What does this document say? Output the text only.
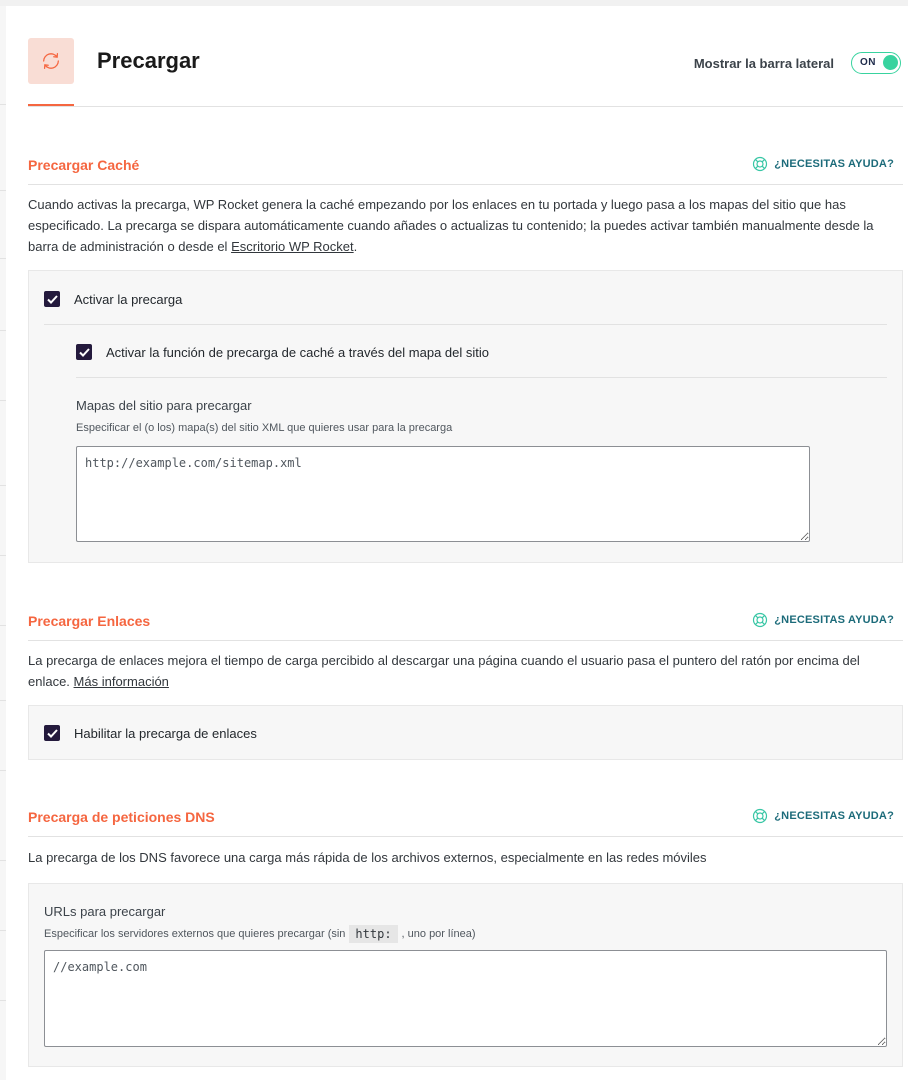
Precargar	Mostrar la barra lateral	ON
Precargar Caché	¿NECESITAS AYUDA?
Cuando activas la precarga, WP Rocket genera la caché empezando por los enlaces en tu portada y luego pasa a los mapas del sitio que has especificado. La precarga se dispara automáticamente cuando añades o actualizas tu contenido; la puedes activar también manualmente desde la barra de administración o desde el Escritorio WP Rocket.
Activar la precarga
Activar la función de precarga de caché a través del mapa del sitio
Mapas del sitio para precargar
Especificar el (o los) mapa(s) del sitio XML que quieres usar para la precarga
http://example.com/sitemap.xml
Precargar Enlaces	¿NECESITAS AYUDA?
La precarga de enlaces mejora el tiempo de carga percibido al descargar una página cuando el usuario pasa el puntero del ratón por encima del enlace. Más información
Habilitar la precarga de enlaces
Precarga de peticiones DNS	¿NECESITAS AYUDA?
La precarga de los DNS favorece una carga más rápida de los archivos externos, especialmente en las redes móviles
URLs para precargar
Especificar los servidores externos que quieres precargar (sin http: , uno por línea)
//example.com
